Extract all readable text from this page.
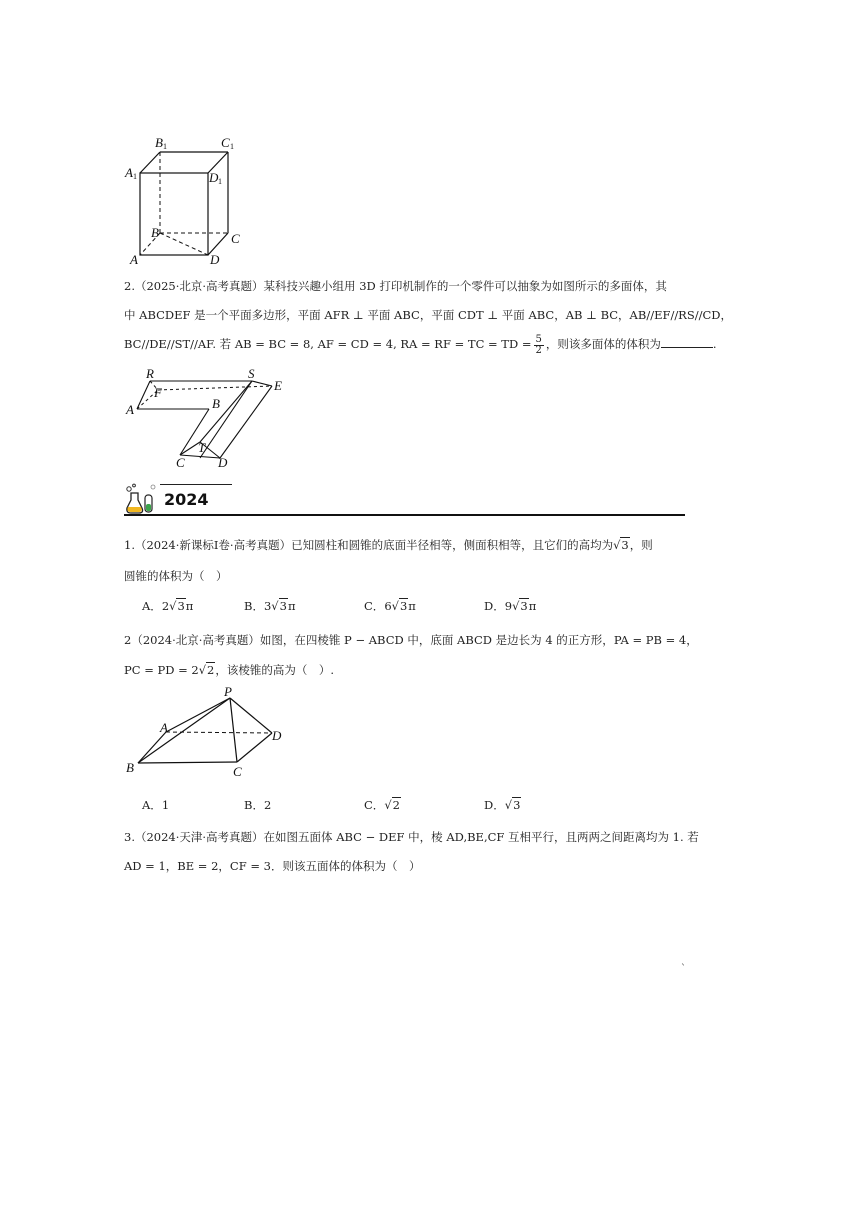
B 1	C 1
A 1	D 1
B	C
A	D
2.（2025·北京·高考真题）某科技兴趣小组用 3D 打印机制作的一个零件可以抽象为如图所示的多面体，其
中 ABCDEF 是一个平面多边形，平面 AFR ⊥ 平面 ABC，平面 CDT ⊥ 平面 ABC，AB ⊥ BC，AB//EF//RS//CD，
BC//DE//ST//AF. 若 AB = BC = 8, AF = CD = 4, RA = RF = TC = TD = $\frac{5}{2}$ ，则该多面体的体积为	.
R	S
E
F
A	B
T
C	D
2024
1.（2024·新课标Ⅰ卷·高考真题）已知圆柱和圆锥的底面半径相等，侧面积相等，且它们的高均为√3，则
圆锥的体积为（　）
A．2√3π	B．3√3π	C．6√3π	D．9√3π
2（2024·北京·高考真题）如图，在四棱锥 P − ABCD 中，底面 ABCD 是边长为 4 的正方形，PA = PB = 4，
PC = PD = 2√2，该棱锥的高为（　）.
P
A
D
B	C
A．1	B．2	C．√2	D．√3
3.（2024·天津·高考真题）在如图五面体 ABC − DEF 中，棱 AD,BE,CF 互相平行，且两两之间距离均为 1. 若
AD = 1，BE = 2，CF = 3．则该五面体的体积为（　）
ˋ
